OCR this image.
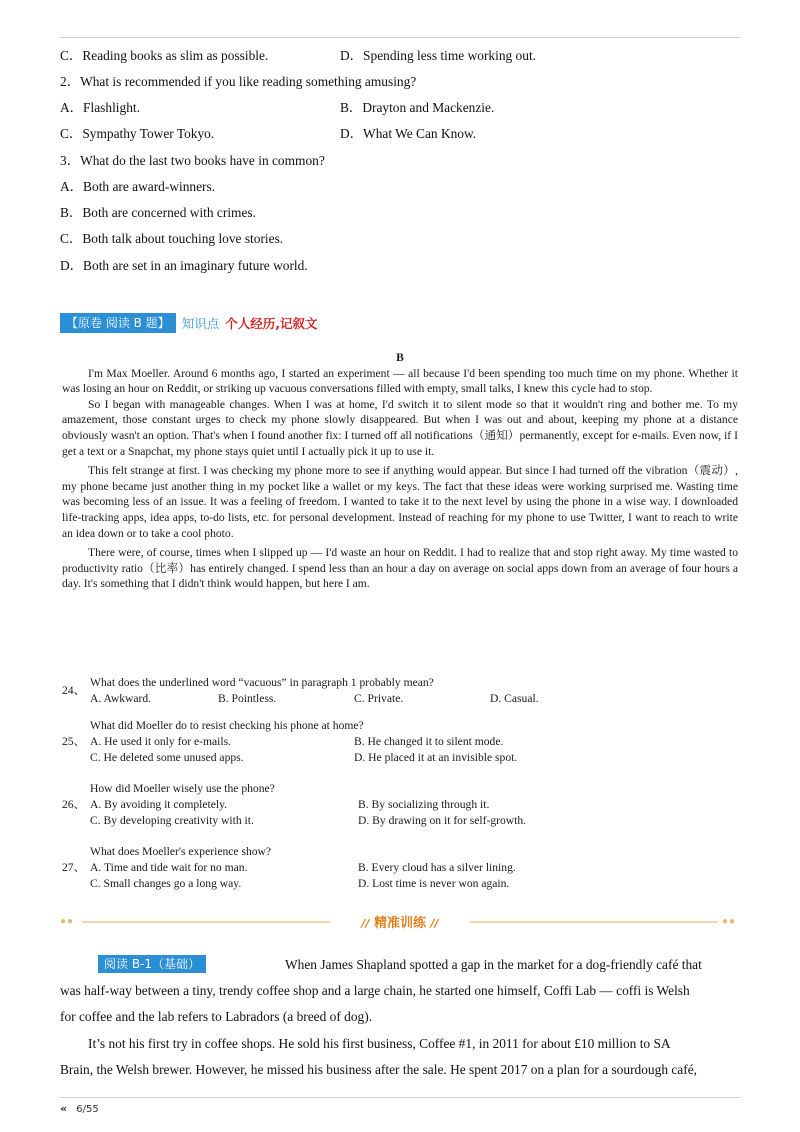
C．Reading books as slim as possible.	D．Spending less time working out.
2．What is recommended if you like reading something amusing?
A．Flashlight.	B．Drayton and Mackenzie.
C．Sympathy Tower Tokyo.	D．What We Can Know.
3．What do the last two books have in common?
A．Both are award-winners.
B．Both are concerned with crimes.
C．Both talk about touching love stories.
D．Both are set in an imaginary future world.
【原卷 阅读 B 题】 知识点 个人经历,记叙文
B

I'm Max Moeller. Around 6 months ago, I started an experiment — all because I'd been spending too much time on my phone. Whether it was losing an hour on Reddit, or striking up vacuous conversations filled with empty, small talks, I knew this cycle had to stop.

So I began with manageable changes. When I was at home, I'd switch it to silent mode so that it wouldn't ring and bother me. To my amazement, those constant urges to check my phone slowly disappeared. But when I was out and about, keeping my phone at a distance obviously wasn't an option. That's when I found another fix: I turned off all notifications（通知）permanently, except for e-mails. Even now, if I get a text or a Snapchat, my phone stays quiet until I actually pick it up to use it.

This felt strange at first. I was checking my phone more to see if anything would appear. But since I had turned off the vibration（震动）, my phone became just another thing in my pocket like a wallet or my keys. The fact that these ideas were working surprised me. Wasting time was becoming less of an issue. It was a feeling of freedom. I wanted to take it to the next level by using the phone in a wise way. I downloaded life-tracking apps, idea apps, to-do lists, etc. for personal development. Instead of reaching for my phone to use Twitter, I want to reach to write an idea down or to take a cool photo.

There were, of course, times when I slipped up — I'd waste an hour on Reddit. I had to realize that and stop right away. My time wasted to productivity ratio（比率）has entirely changed. I spend less than an hour a day on average on social apps down from an average of four hours a day. It's something that I didn't think would happen, but here I am.

What does the underlined word “vacuous” in paragraph 1 probably mean?
24、
A. Awkward.	B. Pointless.	C. Private.	D. Casual.
What did Moeller do to resist checking his phone at home?
25、 A. He used it only for e-mails.	B. He changed it to silent mode.
C. He deleted some unused apps.	D. He placed it at an invisible spot.
How did Moeller wisely use the phone?
26、 A. By avoiding it completely.	B. By socializing through it.
C. By developing creativity with it.	D. By drawing on it for self-growth.
What does Moeller's experience show?
27、 A. Time and tide wait for no man.	B. Every cloud has a silver lining.
C. Small changes go a long way.	D. Lost time is never won again.
●●	// 精准训练 //	●●
阅读 B-1（基础）	When James Shapland spotted a gap in the market for a dog-friendly café that
was half-way between a tiny, trendy coffee shop and a large chain, he started one himself, Coffi Lab — coffi is Welsh
for coffee and the lab refers to Labradors (a breed of dog).
It’s not his first try in coffee shops. He sold his first business, Coffee #1, in 2011 for about £10 million to SA
Brain, the Welsh brewer. However, he missed his business after the sale. He spent 2017 on a plan for a sourdough café,
« 6/55
